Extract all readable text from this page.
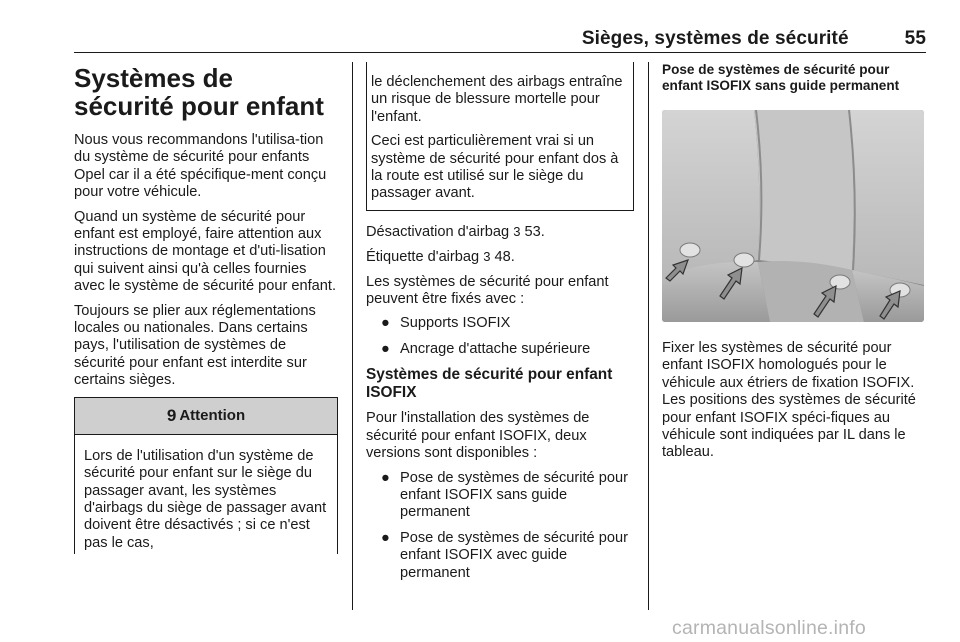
Sièges, systèmes de sécurité	55
Systèmes de sécurité pour enfant

Nous vous recommandons l'utilisa-tion du système de sécurité pour enfants Opel car il a été spécifique-ment conçu pour votre véhicule.

Quand un système de sécurité pour enfant est employé, faire attention aux instructions de montage et d'uti-lisation qui suivent ainsi qu'à celles fournies avec le système de sécurité pour enfant.

Toujours se plier aux réglementations locales ou nationales. Dans certains pays, l'utilisation de systèmes de sécurité pour enfant est interdite sur certains sièges.

9 Attention

Lors de l'utilisation d'un système de sécurité pour enfant sur le siège du passager avant, les systèmes d'airbags du siège de passager avant doivent être désactivés ; si ce n'est pas le cas,

le déclenchement des airbags entraîne un risque de blessure mortelle pour l'enfant.

Ceci est particulièrement vrai si un système de sécurité pour enfant dos à la route est utilisé sur le siège du passager avant.

Désactivation d'airbag 3 53.

Étiquette d'airbag 3 48.

Les systèmes de sécurité pour enfant peuvent être fixés avec :

● Supports ISOFIX
● Ancrage d'attache supérieure
Systèmes de sécurité pour enfant ISOFIX

Pour l'installation des systèmes de sécurité pour enfant ISOFIX, deux versions sont disponibles :

● Pose de systèmes de sécurité pour enfant ISOFIX sans guide permanent
● Pose de systèmes de sécurité pour enfant ISOFIX avec guide permanent
Pose de systèmes de sécurité pour enfant ISOFIX sans guide permanent

Fixer les systèmes de sécurité pour enfant ISOFIX homologués pour le véhicule aux étriers de fixation ISOFIX. Les positions des systèmes de sécurité pour enfant ISOFIX spéci-fiques au véhicule sont indiquées par IL dans le tableau.

carmanualsonline.info
